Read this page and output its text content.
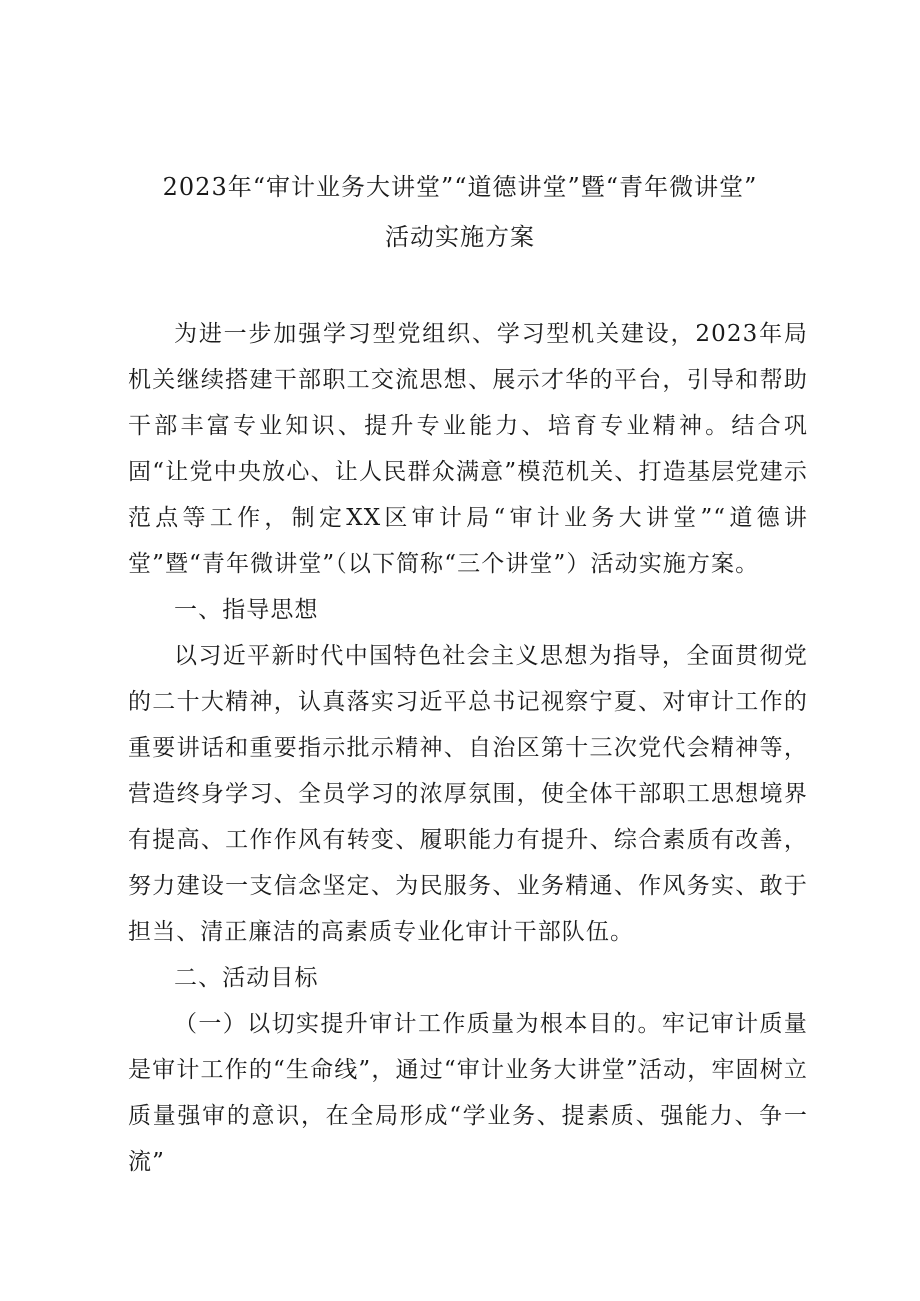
2023年“审计业务大讲堂”“道德讲堂”暨“青年微讲堂”
活动实施方案

为进一步加强学习型党组织、学习型机关建设，2023年局机关继续搭建干部职工交流思想、展示才华的平台，引导和帮助干部丰富专业知识、提升专业能力、培育专业精神。结合巩固“让党中央放心、让人民群众满意”模范机关、打造基层党建示范点等工作，制定XX区审计局“审计业务大讲堂”“道德讲堂”暨“青年微讲堂”（以下简称“三个讲堂”）活动实施方案。

一、指导思想

以习近平新时代中国特色社会主义思想为指导，全面贯彻党的二十大精神，认真落实习近平总书记视察宁夏、对审计工作的重要讲话和重要指示批示精神、自治区第十三次党代会精神等，营造终身学习、全员学习的浓厚氛围，使全体干部职工思想境界有提高、工作作风有转变、履职能力有提升、综合素质有改善，努力建设一支信念坚定、为民服务、业务精通、作风务实、敢于担当、清正廉洁的高素质专业化审计干部队伍。

二、活动目标

（一）以切实提升审计工作质量为根本目的。牢记审计质量是审计工作的“生命线”，通过“审计业务大讲堂”活动，牢固树立质量强审的意识，在全局形成“学业务、提素质、强能力、争一流”
